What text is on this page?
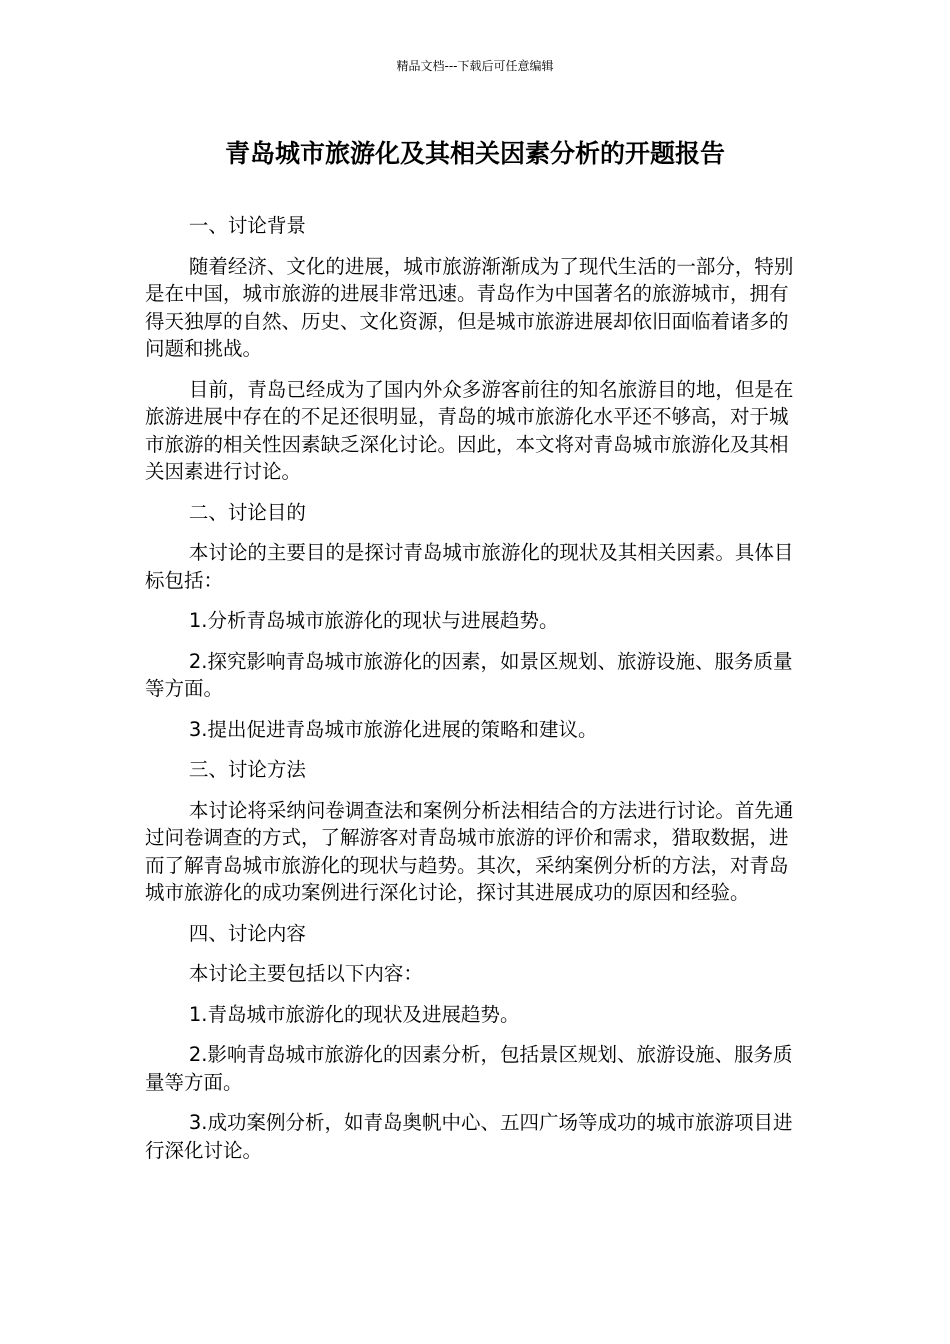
精品文档---下载后可任意编辑
青岛城市旅游化及其相关因素分析的开题报告

一、讨论背景

随着经济、文化的进展，城市旅游渐渐成为了现代生活的一部分，特别是在中国，城市旅游的进展非常迅速。青岛作为中国著名的旅游城市，拥有得天独厚的自然、历史、文化资源，但是城市旅游进展却依旧面临着诸多的问题和挑战。

目前，青岛已经成为了国内外众多游客前往的知名旅游目的地，但是在旅游进展中存在的不足还很明显，青岛的城市旅游化水平还不够高，对于城市旅游的相关性因素缺乏深化讨论。因此，本文将对青岛城市旅游化及其相关因素进行讨论。

二、讨论目的

本讨论的主要目的是探讨青岛城市旅游化的现状及其相关因素。具体目标包括：

1.分析青岛城市旅游化的现状与进展趋势。

2.探究影响青岛城市旅游化的因素，如景区规划、旅游设施、服务质量等方面。

3.提出促进青岛城市旅游化进展的策略和建议。

三、讨论方法

本讨论将采纳问卷调查法和案例分析法相结合的方法进行讨论。首先通过问卷调查的方式，了解游客对青岛城市旅游的评价和需求，猎取数据，进而了解青岛城市旅游化的现状与趋势。其次，采纳案例分析的方法，对青岛城市旅游化的成功案例进行深化讨论，探讨其进展成功的原因和经验。

四、讨论内容

本讨论主要包括以下内容：

1.青岛城市旅游化的现状及进展趋势。

2.影响青岛城市旅游化的因素分析，包括景区规划、旅游设施、服务质量等方面。

3.成功案例分析，如青岛奥帆中心、五四广场等成功的城市旅游项目进行深化讨论。
